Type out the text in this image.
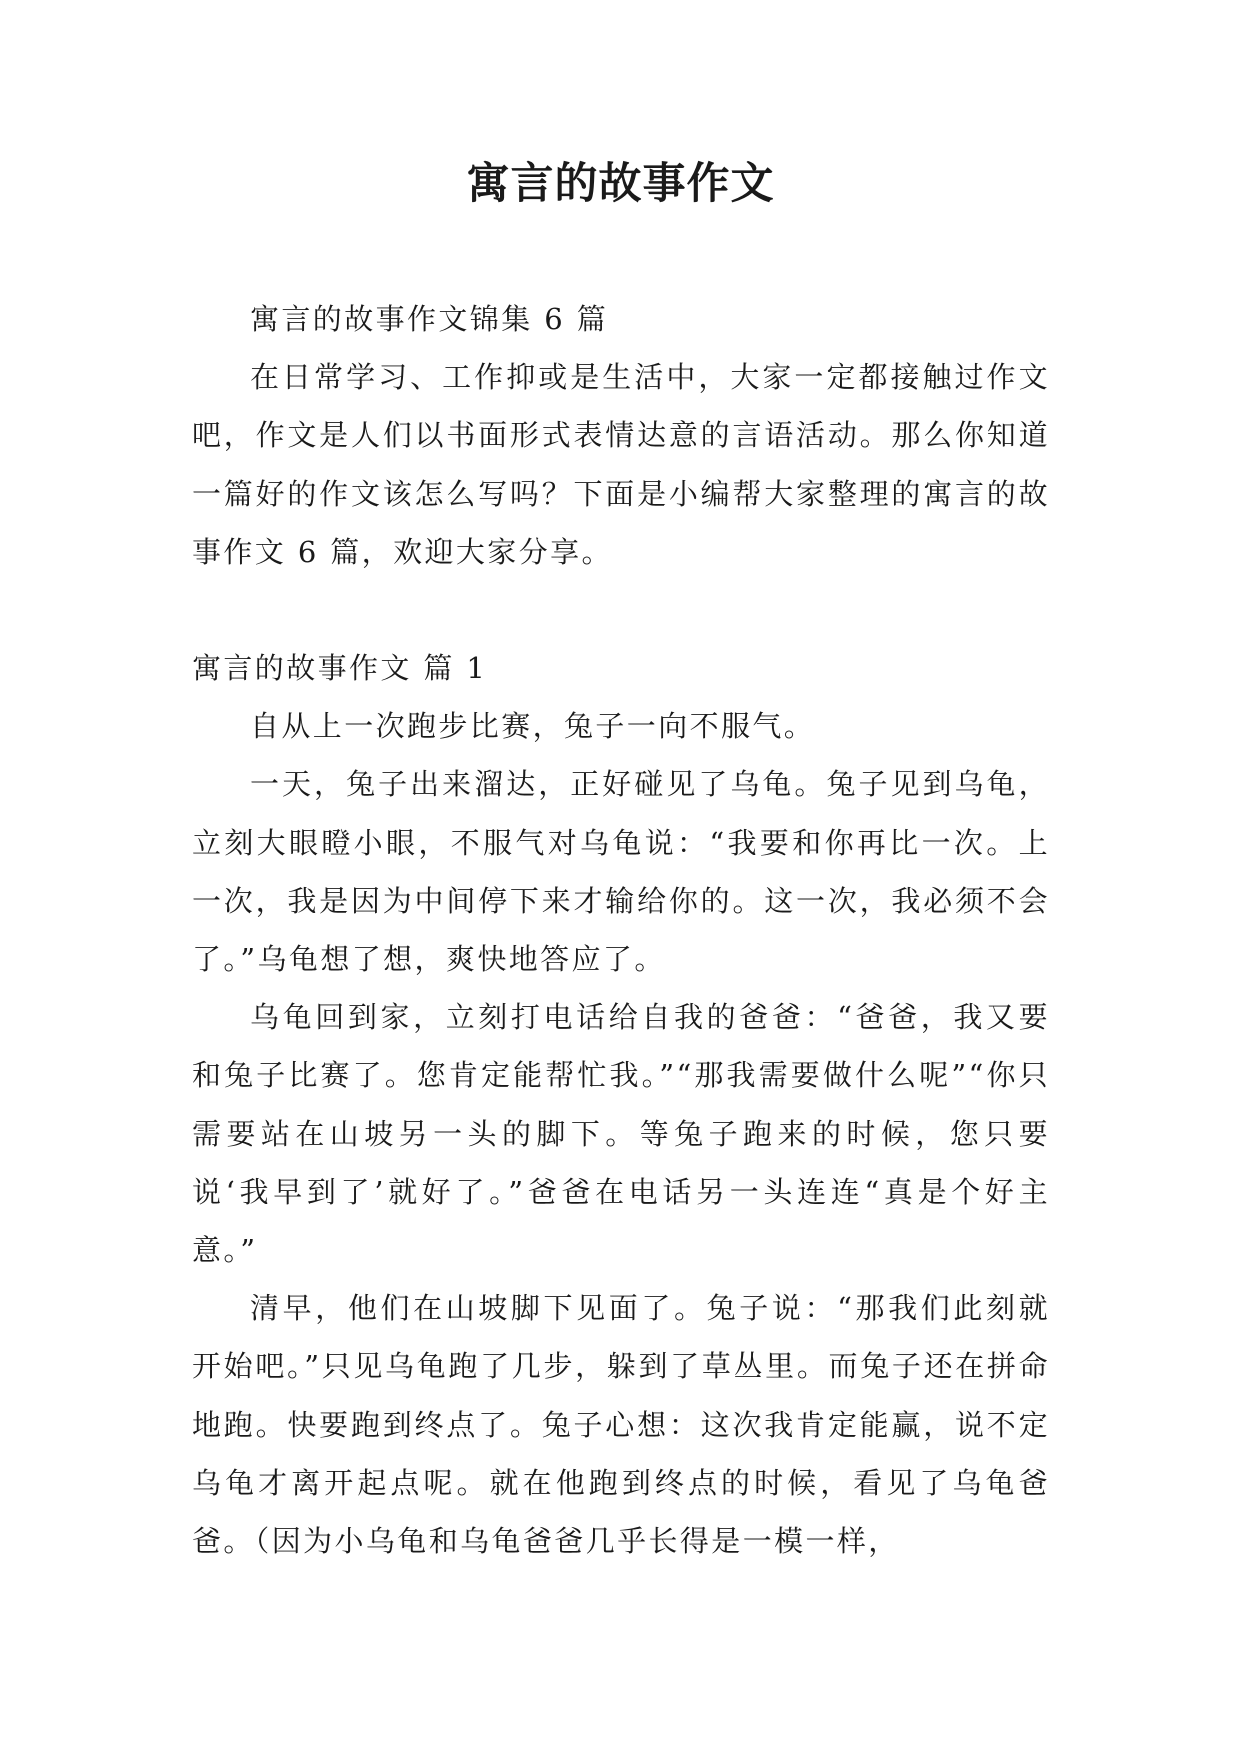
寓言的故事作文

寓言的故事作文锦集 6 篇

在日常学习、工作抑或是生活中，大家一定都接触过作文吧，作文是人们以书面形式表情达意的言语活动。那么你知道一篇好的作文该怎么写吗？下面是小编帮大家整理的寓言的故事作文 6 篇，欢迎大家分享。

寓言的故事作文 篇 1

自从上一次跑步比赛，兔子一向不服气。

一天，兔子出来溜达，正好碰见了乌龟。兔子见到乌龟，立刻大眼瞪小眼，不服气对乌龟说：“我要和你再比一次。上一次，我是因为中间停下来才输给你的。这一次，我必须不会了。”乌龟想了想，爽快地答应了。

乌龟回到家，立刻打电话给自我的爸爸：“爸爸，我又要和兔子比赛了。您肯定能帮忙我。”“那我需要做什么呢”“你只需要站在山坡另一头的脚下。等兔子跑来的时候，您只要说‘我早到了’就好了。”爸爸在电话另一头连连“真是个好主意。”

清早，他们在山坡脚下见面了。兔子说：“那我们此刻就开始吧。”只见乌龟跑了几步，躲到了草丛里。而兔子还在拼命地跑。快要跑到终点了。兔子心想：这次我肯定能赢，说不定乌龟才离开起点呢。就在他跑到终点的时候，看见了乌龟爸爸。（因为小乌龟和乌龟爸爸几乎长得是一模一样，
